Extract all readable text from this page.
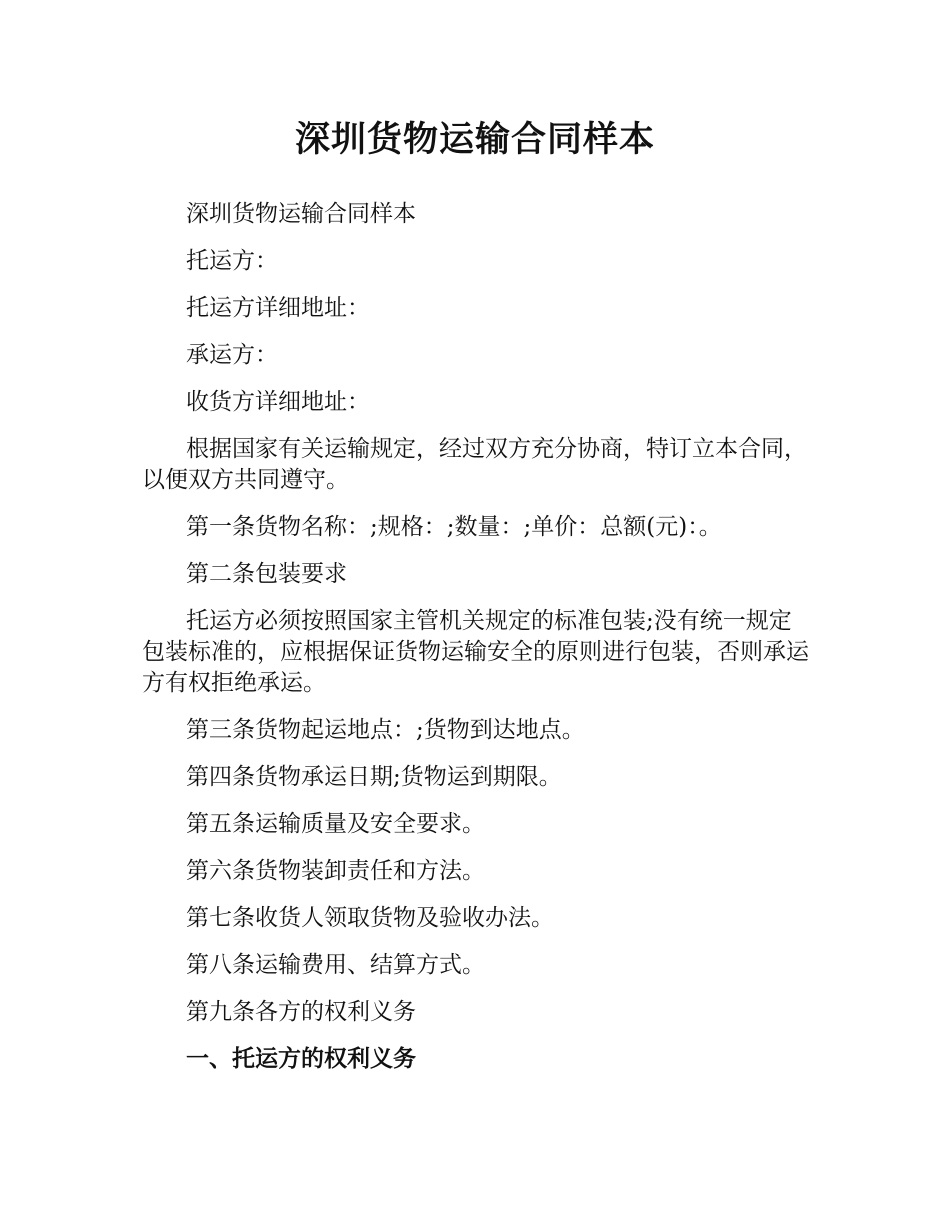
深圳货物运输合同样本

深圳货物运输合同样本

托运方：

托运方详细地址：

承运方：

收货方详细地址：

根据国家有关运输规定，经过双方充分协商，特订立本合同，以便双方共同遵守。

第一条货物名称：;规格：;数量：;单价：总额(元)：。

第二条包装要求

托运方必须按照国家主管机关规定的标准包装;没有统一规定包装标准的，应根据保证货物运输安全的原则进行包装，否则承运方有权拒绝承运。

第三条货物起运地点：;货物到达地点。

第四条货物承运日期;货物运到期限。

第五条运输质量及安全要求。

第六条货物装卸责任和方法。

第七条收货人领取货物及验收办法。

第八条运输费用、结算方式。

第九条各方的权利义务

一、托运方的权利义务
